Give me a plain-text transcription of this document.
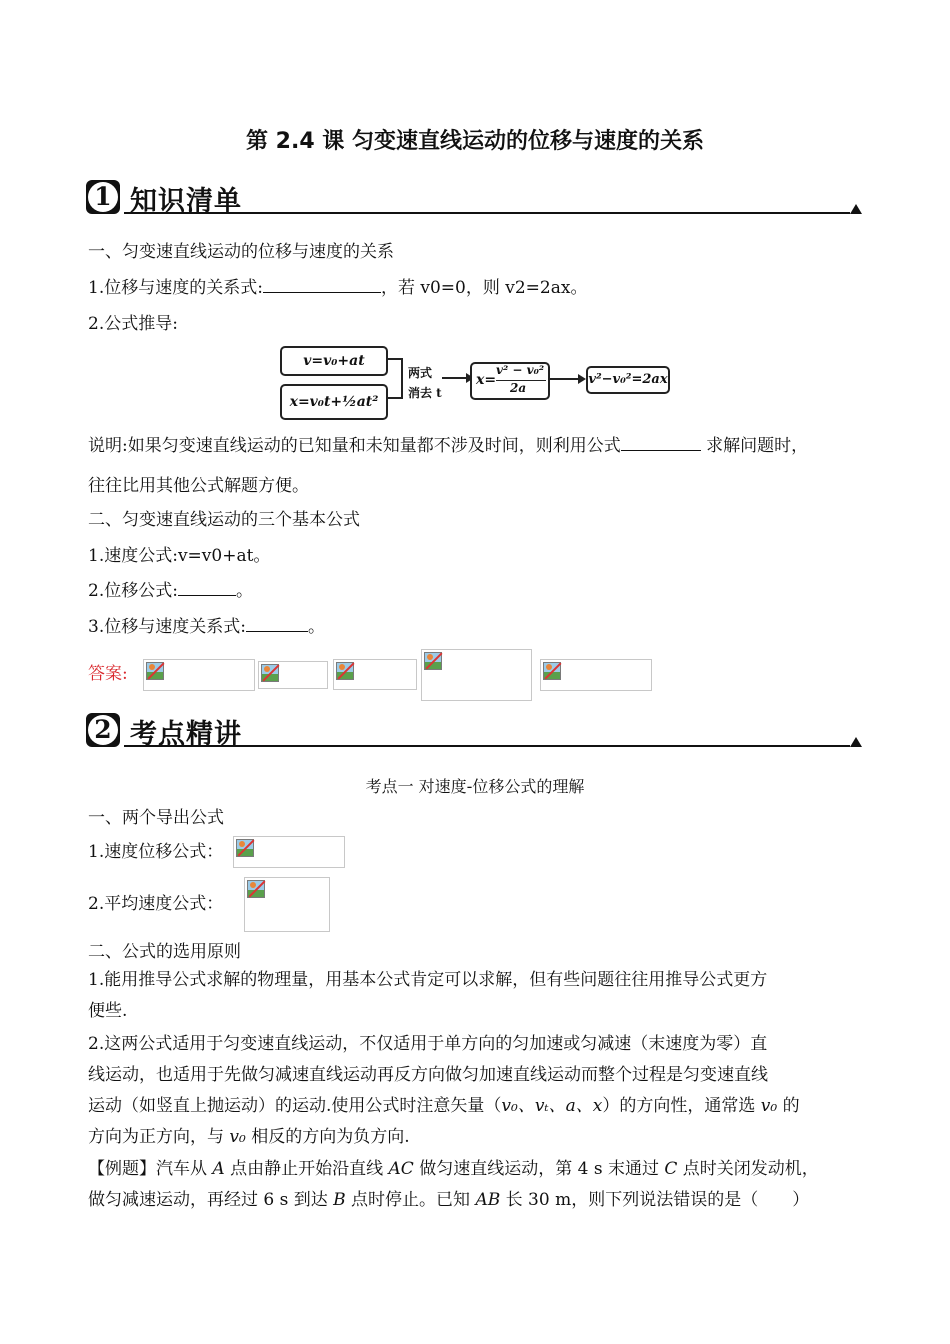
第 2.4 课 匀变速直线运动的位移与速度的关系
1 知识清单
一、匀变速直线运动的位移与速度的关系
1.位移与速度的关系式:	，若 v0=0，则 v2=2ax。
2.公式推导:
v=v₀+at
x=v₀t+½at²
两式
消去 t
x=
v² − v₀²
2a
v²−v₀²=2ax
说明:如果匀变速直线运动的已知量和未知量都不涉及时间，则利用公式	求解问题时，
往往比用其他公式解题方便。
二、匀变速直线运动的三个基本公式
1.速度公式:v=v0+at。
2.位移公式:	。
3.位移与速度关系式:	。
答案:
2 考点精讲
考点一 对速度-位移公式的理解
一、两个导出公式
1.速度位移公式：
2.平均速度公式：
二、公式的选用原则
1.能用推导公式求解的物理量，用基本公式肯定可以求解，但有些问题往往用推导公式更方
便些.
2.这两公式适用于匀变速直线运动，不仅适用于单方向的匀加速或匀减速（末速度为零）直
线运动，也适用于先做匀减速直线运动再反方向做匀加速直线运动而整个过程是匀变速直线
运动（如竖直上抛运动）的运动.使用公式时注意矢量（v₀、vₜ、a、x）的方向性，通常选 v₀ 的
方向为正方向，与 v₀ 相反的方向为负方向.
【例题】汽车从 A 点由静止开始沿直线 AC 做匀速直线运动，第 4 s 末通过 C 点时关闭发动机，
做匀减速运动，再经过 6 s 到达 B 点时停止。已知 AB 长 30 m，则下列说法错误的是（　　）
